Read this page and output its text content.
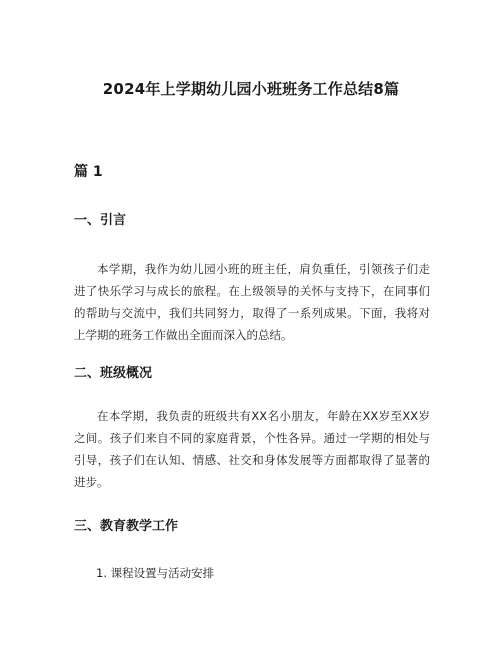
2024年上学期幼儿园小班班务工作总结8篇
篇 1
一、引言
本学期，我作为幼儿园小班的班主任，肩负重任，引领孩子们走进了快乐学习与成长的旅程。在上级领导的关怀与支持下，在同事们的帮助与交流中，我们共同努力，取得了一系列成果。下面，我将对上学期的班务工作做出全面而深入的总结。
二、班级概况
在本学期，我负责的班级共有XX名小朋友，年龄在XX岁至XX岁之间。孩子们来自不同的家庭背景，个性各异。通过一学期的相处与引导，孩子们在认知、情感、社交和身体发展等方面都取得了显著的进步。
三、教育教学工作
1. 课程设置与活动安排
